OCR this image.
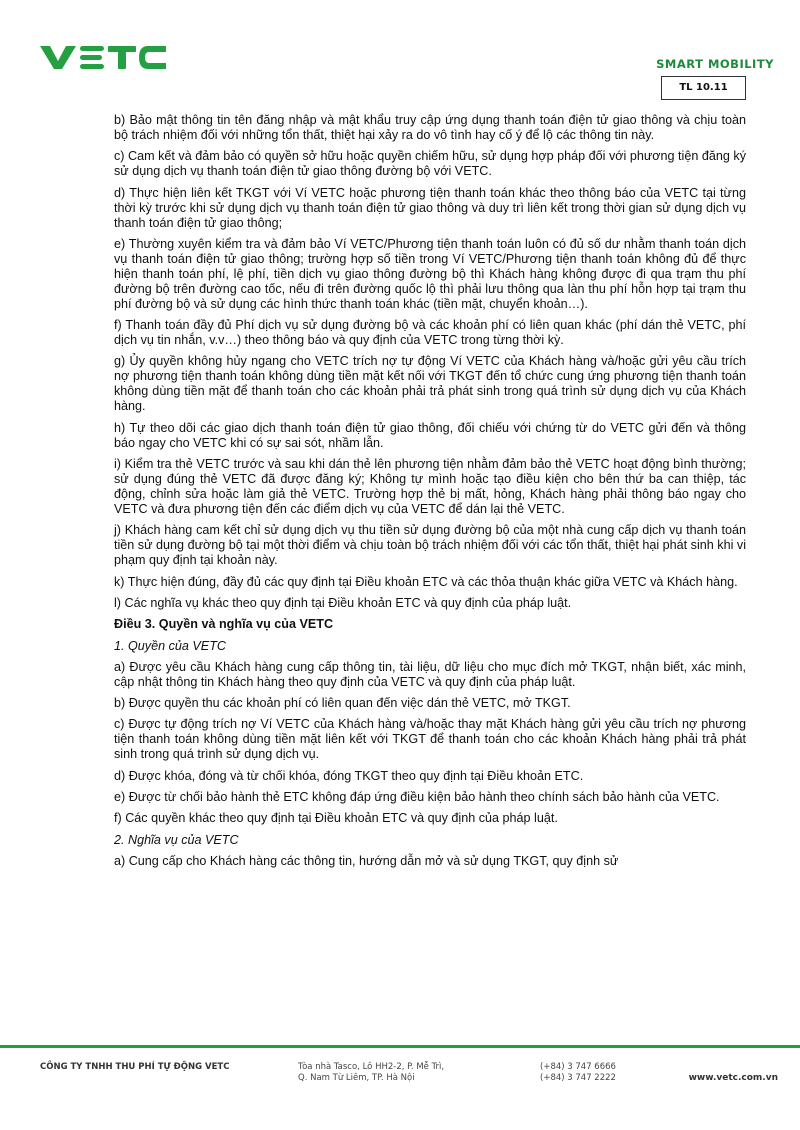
SMART MOBILITY
TL 10.11

b) Bảo mật thông tin tên đăng nhập và mật khẩu truy cập ứng dụng thanh toán điện tử giao thông và chịu toàn bộ trách nhiệm đối với những tổn thất, thiệt hại xảy ra do vô tình hay cố ý để lộ các thông tin này.

c) Cam kết và đảm bảo có quyền sở hữu hoặc quyền chiếm hữu, sử dụng hợp pháp đối với phương tiện đăng ký sử dụng dịch vụ thanh toán điện tử giao thông đường bộ với VETC.

d) Thực hiện liên kết TKGT với Ví VETC hoặc phương tiện thanh toán khác theo thông báo của VETC tại từng thời kỳ trước khi sử dụng dịch vụ thanh toán điện tử giao thông và duy trì liên kết trong thời gian sử dụng dịch vụ thanh toán điện tử giao thông;

e) Thường xuyên kiểm tra và đảm bảo Ví VETC/Phương tiện thanh toán luôn có đủ số dư nhằm thanh toán dịch vụ thanh toán điện tử giao thông; trường hợp số tiền trong Ví VETC/Phương tiện thanh toán không đủ để thực hiện thanh toán phí, lệ phí, tiền dịch vụ giao thông đường bộ thì Khách hàng không được đi qua trạm thu phí đường bộ trên đường cao tốc, nếu đi trên đường quốc lộ thì phải lưu thông qua làn thu phí hỗn hợp tại trạm thu phí đường bộ và sử dụng các hình thức thanh toán khác (tiền mặt, chuyển khoản…).

f) Thanh toán đầy đủ Phí dịch vụ sử dụng đường bộ và các khoản phí có liên quan khác (phí dán thẻ VETC, phí dịch vụ tin nhắn, v.v…) theo thông báo và quy định của VETC trong từng thời kỳ.

g) Ủy quyền không hủy ngang cho VETC trích nợ tự động Ví VETC của Khách hàng và/hoặc gửi yêu cầu trích nợ phương tiện thanh toán không dùng tiền mặt kết nối với TKGT đến tổ chức cung ứng phương tiện thanh toán không dùng tiền mặt để thanh toán cho các khoản phải trả phát sinh trong quá trình sử dụng dịch vụ của Khách hàng.

h) Tự theo dõi các giao dịch thanh toán điện tử giao thông, đối chiếu với chứng từ do VETC gửi đến và thông báo ngay cho VETC khi có sự sai sót, nhầm lẫn.

i) Kiểm tra thẻ VETC trước và sau khi dán thẻ lên phương tiện nhằm đảm bảo thẻ VETC hoạt động bình thường; sử dụng đúng thẻ VETC đã được đăng ký; Không tự mình hoặc tạo điều kiện cho bên thứ ba can thiệp, tác động, chỉnh sửa hoặc làm giả thẻ VETC. Trường hợp thẻ bị mất, hỏng, Khách hàng phải thông báo ngay cho VETC và đưa phương tiện đến các điểm dịch vụ của VETC để dán lại thẻ VETC.

j) Khách hàng cam kết chỉ sử dụng dịch vụ thu tiền sử dụng đường bộ của một nhà cung cấp dịch vụ thanh toán tiền sử dụng đường bộ tại một thời điểm và chịu toàn bộ trách nhiệm đối với các tổn thất, thiệt hại phát sinh khi vi phạm quy định tại khoản này.

k) Thực hiện đúng, đầy đủ các quy định tại Điều khoản ETC và các thỏa thuận khác giữa VETC và Khách hàng.

l) Các nghĩa vụ khác theo quy định tại Điều khoản ETC và quy định của pháp luật.

Điều 3. Quyền và nghĩa vụ của VETC

1. Quyền của VETC

a) Được yêu cầu Khách hàng cung cấp thông tin, tài liệu, dữ liệu cho mục đích mở TKGT, nhận biết, xác minh, cập nhật thông tin Khách hàng theo quy định của VETC và quy định của pháp luật.

b) Được quyền thu các khoản phí có liên quan đến việc dán thẻ VETC, mở TKGT.

c) Được tự động trích nợ Ví VETC của Khách hàng và/hoặc thay mặt Khách hàng gửi yêu cầu trích nợ phương tiện thanh toán không dùng tiền mặt liên kết với TKGT để thanh toán cho các khoản Khách hàng phải trả phát sinh trong quá trình sử dụng dịch vụ.

d) Được khóa, đóng và từ chối khóa, đóng TKGT theo quy định tại Điều khoản ETC.

e) Được từ chối bảo hành thẻ ETC không đáp ứng điều kiện bảo hành theo chính sách bảo hành của VETC.

f) Các quyền khác theo quy định tại Điều khoản ETC và quy định của pháp luật.

2. Nghĩa vụ của VETC

a) Cung cấp cho Khách hàng các thông tin, hướng dẫn mở và sử dụng TKGT, quy định sử

CÔNG TY TNHH THU PHÍ TỰ ĐỘNG VETC	Tòa nhà Tasco, Lô HH2-2, P. Mễ Trì,
Q. Nam Từ Liêm, TP. Hà Nội
(+84) 3 747 6666
(+84) 3 747 2222	www.vetc.com.vn
